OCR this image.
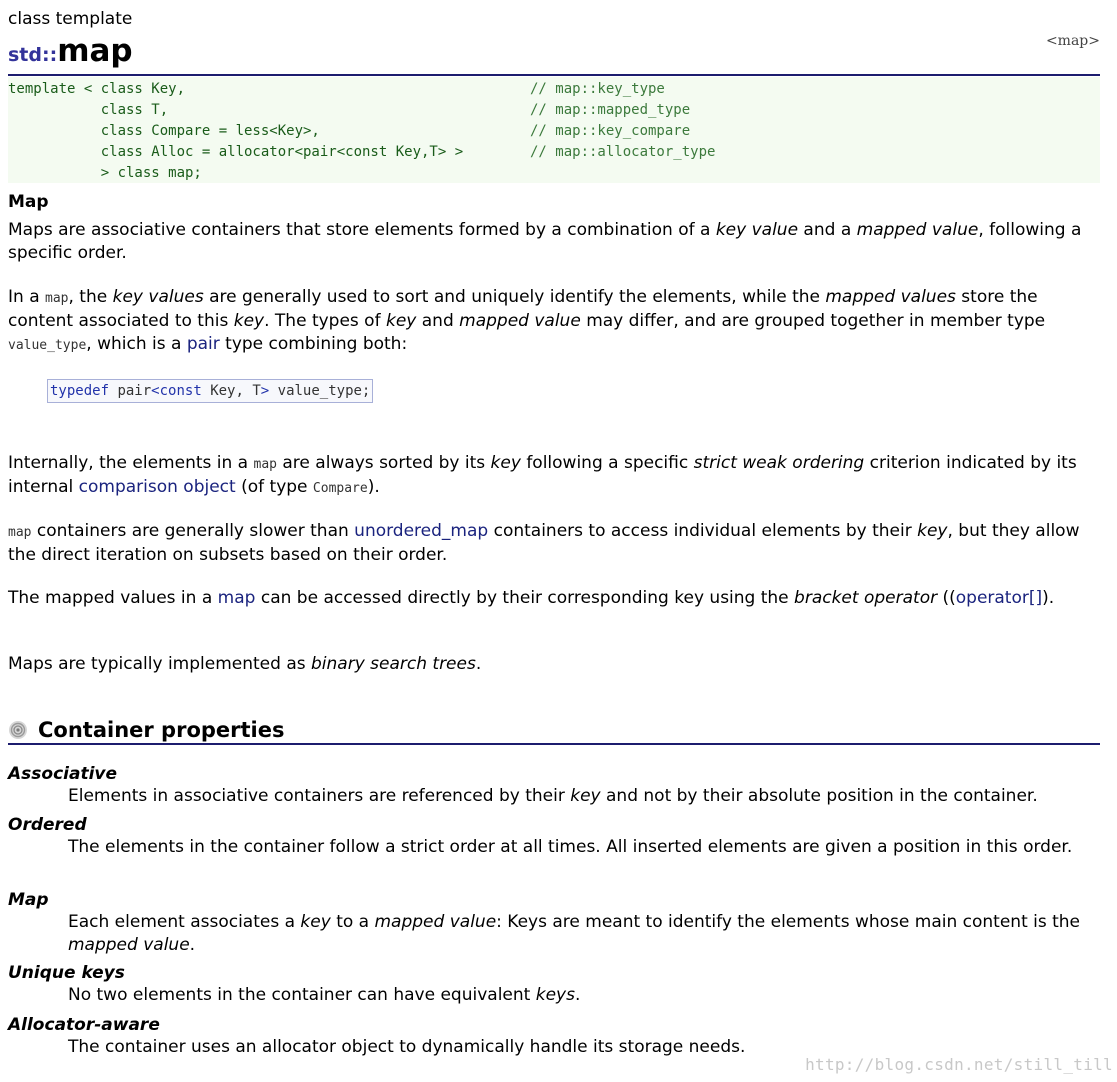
class template
std::map	<map>
template < class Key,	// map::key_type
class T,	// map::mapped_type
class Compare = less<Key>,	// map::key_compare
class Alloc = allocator<pair<const Key,T> >	// map::allocator_type
> class map;
Map

Maps are associative containers that store elements formed by a combination of a key value and a mapped value, following a specific order.

In a map, the key values are generally used to sort and uniquely identify the elements, while the mapped values store the content associated to this key. The types of key and mapped value may differ, and are grouped together in member type value_type, which is a pair type combining both:

typedef pair<const Key, T> value_type;

Internally, the elements in a map are always sorted by its key following a specific strict weak ordering criterion indicated by its internal comparison object (of type Compare).

map containers are generally slower than unordered_map containers to access individual elements by their key, but they allow the direct iteration on subsets based on their order.

The mapped values in a map can be accessed directly by their corresponding key using the bracket operator ((operator[]).

Maps are typically implemented as binary search trees.

Container properties
Associative
Elements in associative containers are referenced by their key and not by their absolute position in the container.
Ordered
The elements in the container follow a strict order at all times. All inserted elements are given a position in this order.
Map
Each element associates a key to a mapped value: Keys are meant to identify the elements whose main content is the mapped value.
Unique keys
No two elements in the container can have equivalent keys.
Allocator-aware
The container uses an allocator object to dynamically handle its storage needs.
http://blog.csdn.net/still_till
